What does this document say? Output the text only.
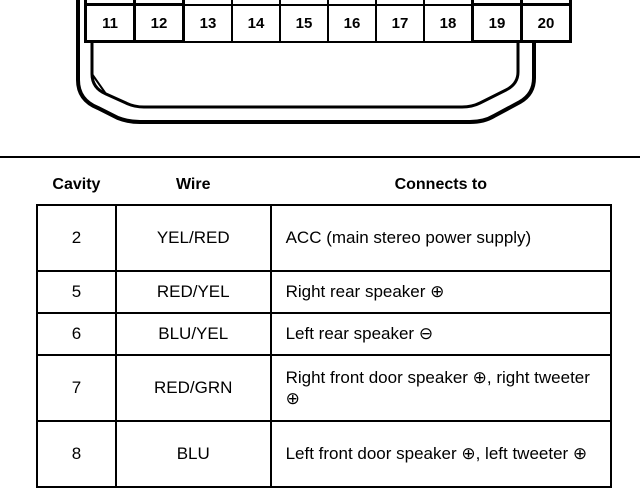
11	12	13	14	15	16	17	18	19	20
Cavity	Wire	Connects to
2	YEL/RED	ACC (main stereo power supply)
5	RED/YEL	Right rear speaker ⊕
6	BLU/YEL	Left rear speaker ⊖
7	RED/GRN	Right front door speaker ⊕, right tweeter ⊕
8	BLU	Left front door speaker ⊕, left tweeter ⊕
